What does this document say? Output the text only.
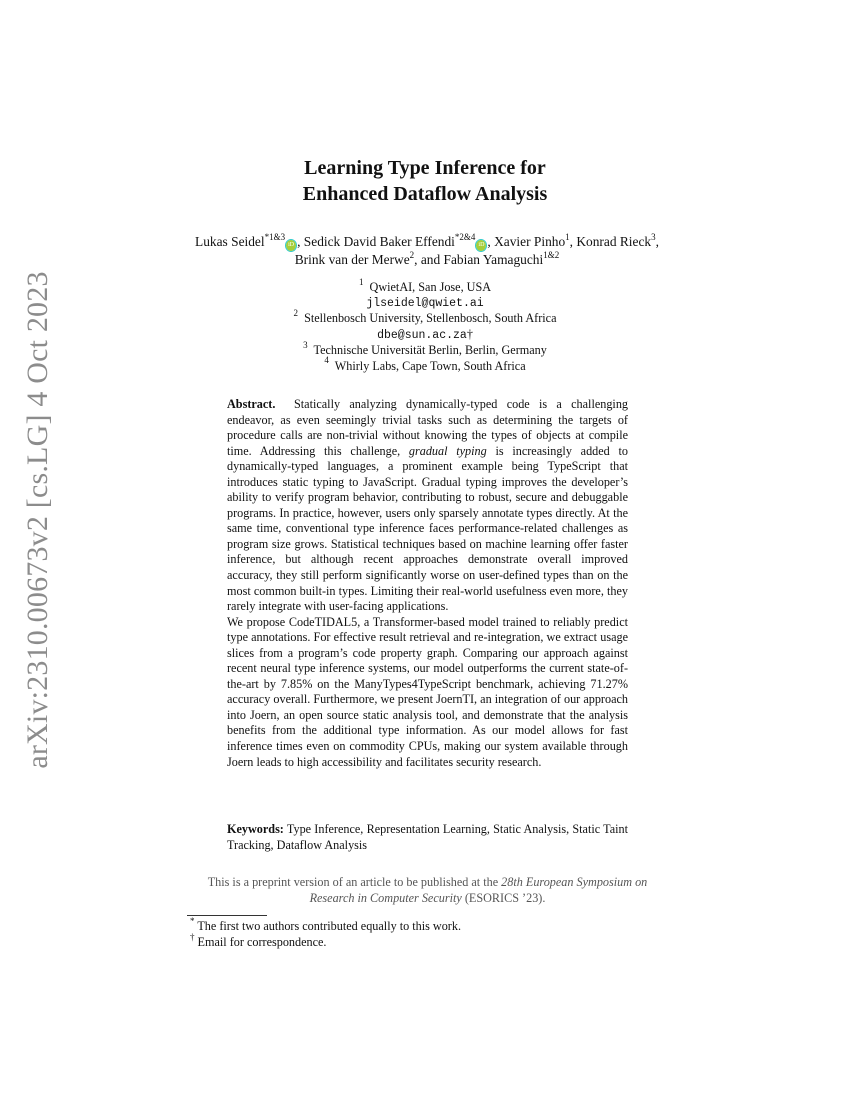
arXiv:2310.00673v2 [cs.LG] 4 Oct 2023
Learning Type Inference for
Enhanced Dataflow Analysis
Lukas Seidel$^{*1\&3}$iD , Sedick David Baker Effendi$^{*2\&4}$iD , Xavier Pinho$^1$, Konrad Rieck$^3$, Brink van der Merwe$^2$, and Fabian Yamaguchi$^{1\&2}$
$^1$ QwietAI, San Jose, USA
jlseidel@qwiet.ai
$^2$ Stellenbosch University, Stellenbosch, South Africa
dbe@sun.ac.za†
$^3$ Technische Universität Berlin, Berlin, Germany
$^4$ Whirly Labs, Cape Town, South Africa

Abstract. Statically analyzing dynamically-typed code is a challenging endeavor, as even seemingly trivial tasks such as determining the targets of procedure calls are non-trivial without knowing the types of objects at compile time. Addressing this challenge, gradual typing is increasingly added to dynamically-typed languages, a prominent example being TypeScript that introduces static typing to JavaScript. Gradual typing improves the developer’s ability to verify program behavior, contributing to robust, secure and debuggable programs. In practice, however, users only sparsely annotate types directly. At the same time, conventional type inference faces performance-related challenges as program size grows. Statistical techniques based on machine learning offer faster inference, but although recent approaches demonstrate overall improved accuracy, they still perform significantly worse on user-defined types than on the most common built-in types. Limiting their real-world usefulness even more, they rarely integrate with user-facing applications.

We propose CodeTIDAL5, a Transformer-based model trained to reliably predict type annotations. For effective result retrieval and re-integration, we extract usage slices from a program’s code property graph. Comparing our approach against recent neural type inference systems, our model outperforms the current state-of-the-art by 7.85% on the ManyTypes4TypeScript benchmark, achieving 71.27% accuracy overall. Furthermore, we present JoernTI, an integration of our approach into Joern, an open source static analysis tool, and demonstrate that the analysis benefits from the additional type information. As our model allows for fast inference times even on commodity CPUs, making our system available through Joern leads to high accessibility and facilitates security research.

Keywords: Type Inference, Representation Learning, Static Analysis, Static Taint Tracking, Dataflow Analysis
This is a preprint version of an article to be published at the 28th European Symposium on Research in Computer Security (ESORICS ’23).
* The first two authors contributed equally to this work.
† Email for correspondence.
